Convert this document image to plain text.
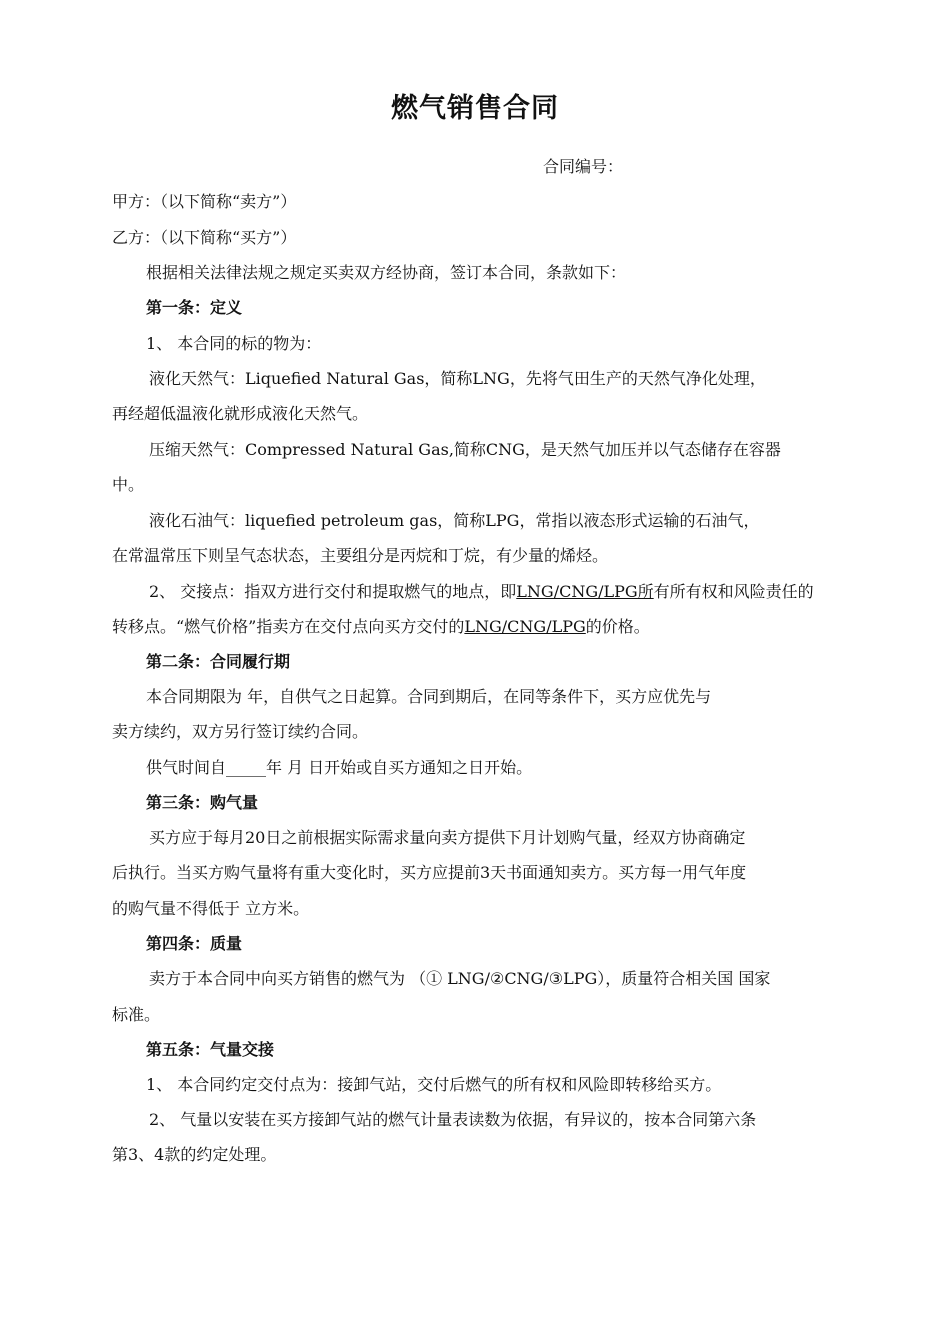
燃气销售合同
合同编号：
甲方：（以下简称“卖方”）
乙方：（以下简称“买方”）
根据相关法律法规之规定买卖双方经协商，签订本合同，条款如下：
第一条：定义
1、 本合同的标的物为：
液化天然气：Liquefied Natural Gas，简称LNG，先将气田生产的天然气净化处理，
再经超低温液化就形成液化天然气。
压缩天然气：Compressed Natural Gas,简称CNG，是天然气加压并以气态储存在容器
中。
液化石油气：liquefied petroleum gas，简称LPG，常指以液态形式运输的石油气，
在常温常压下则呈气态状态，主要组分是丙烷和丁烷，有少量的烯烃。
2、 交接点：指双方进行交付和提取燃气的地点，即LNG/CNG/LPG所有所有权和风险责任的
转移点。“燃气价格”指卖方在交付点向买方交付的LNG/CNG/LPG的价格。
第二条：合同履行期
本合同期限为 年，自供气之日起算。合同到期后，在同等条件下，买方应优先与
卖方续约，双方另行签订续约合同。
供气时间自_____年 月 日开始或自买方通知之日开始。
第三条：购气量
买方应于每月20日之前根据实际需求量向卖方提供下月计划购气量，经双方协商确定
后执行。当买方购气量将有重大变化时，买方应提前3天书面通知卖方。买方每一用气年度
的购气量不得低于 立方米。
第四条：质量
卖方于本合同中向买方销售的燃气为 （① LNG/②CNG/③LPG），质量符合相关国 国家
标准。
第五条：气量交接
1、 本合同约定交付点为：接卸气站，交付后燃气的所有权和风险即转移给买方。
2、 气量以安装在买方接卸气站的燃气计量表读数为依据，有异议的，按本合同第六条
第3、4款的约定处理。
